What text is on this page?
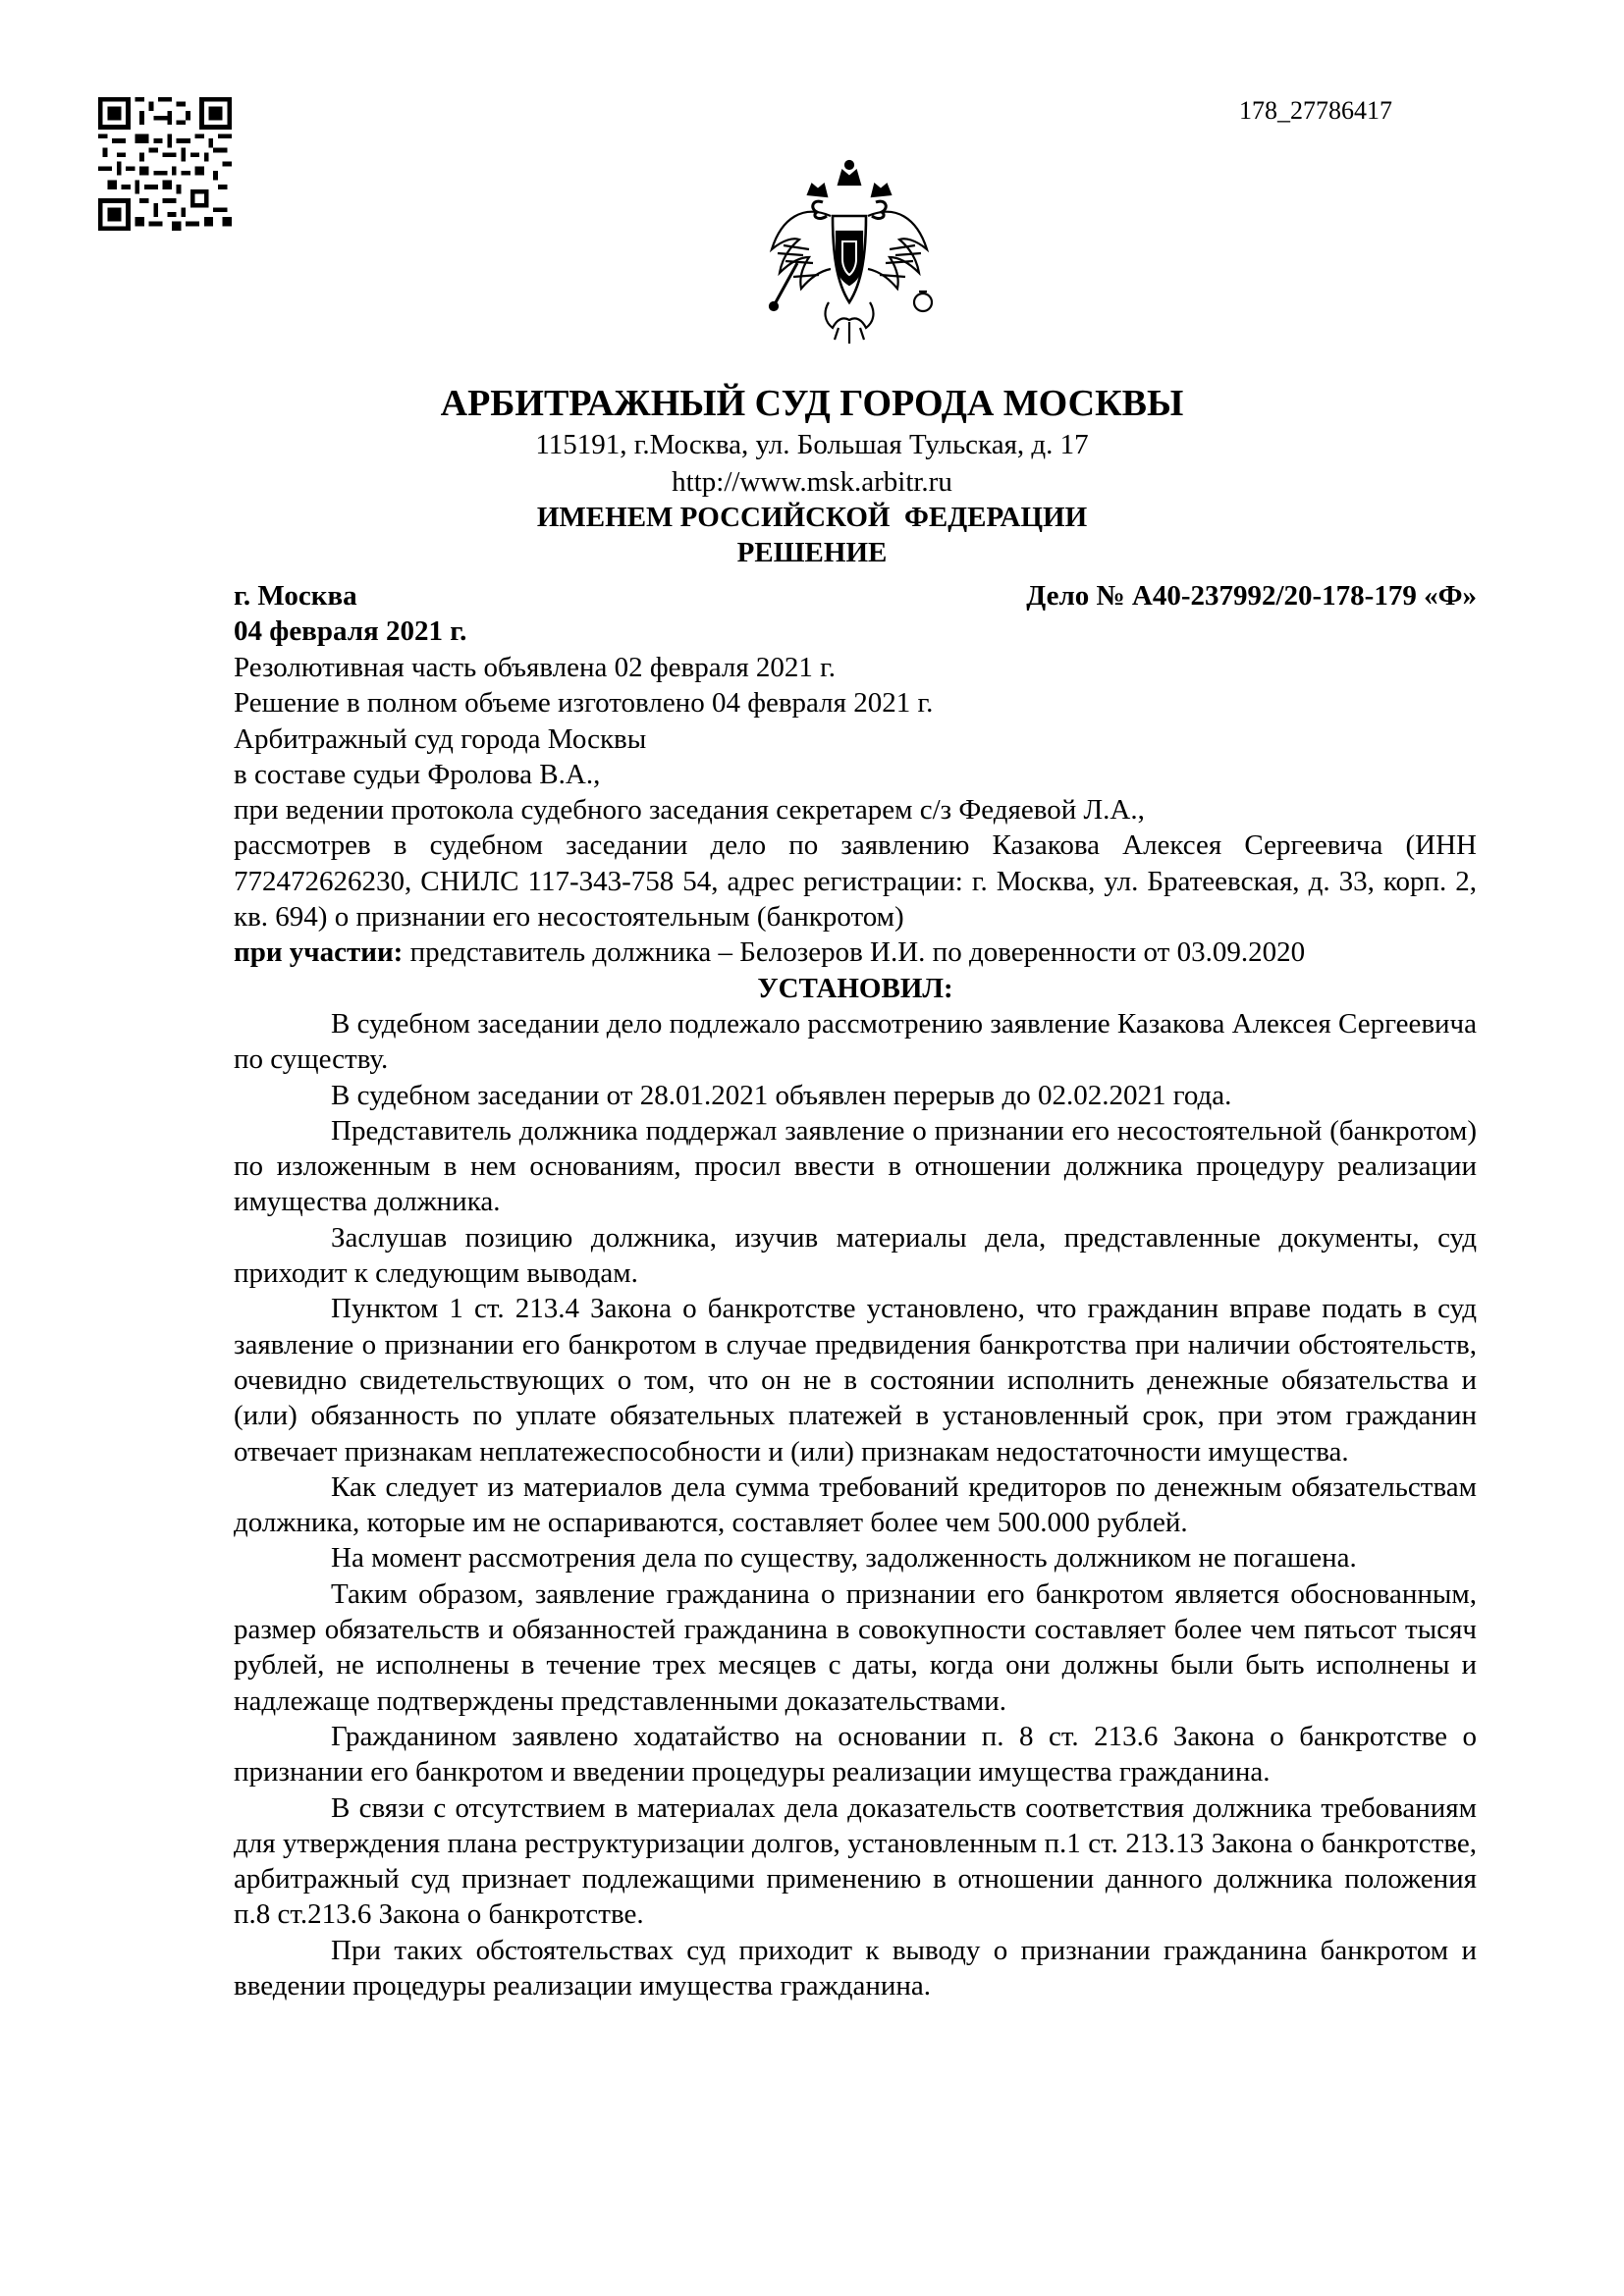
178_27786417
АРБИТРАЖНЫЙ СУД ГОРОДА МОСКВЫ
115191, г.Москва, ул. Большая Тульская, д. 17
http://www.msk.arbitr.ru
ИМЕНЕМ РОССИЙСКОЙ  ФЕДЕРАЦИИ
РЕШЕНИЕ
г. Москва	Дело № А40-237992/20-178-179 «Ф»
04 февраля 2021 г.

Резолютивная часть объявлена 02 февраля 2021 г.

Решение в полном объеме изготовлено 04 февраля 2021 г.

Арбитражный суд города Москвы

в составе судьи Фролова В.А.,

при ведении протокола судебного заседания секретарем с/з Федяевой Л.А.,

рассмотрев в судебном заседании дело по заявлению Казакова Алексея Сергеевича (ИНН 772472626230, СНИЛС 117-343-758 54, адрес регистрации: г. Москва, ул. Братеевская, д. 33, корп. 2, кв. 694) о признании его несостоятельным (банкротом)

при участии: представитель должника – Белозеров И.И. по доверенности от 03.09.2020

УСТАНОВИЛ:

В судебном заседании дело подлежало рассмотрению заявление Казакова Алексея Сергеевича по существу.

В судебном заседании от 28.01.2021 объявлен перерыв до 02.02.2021 года.

Представитель должника поддержал заявление о признании его несостоятельной (банкротом) по изложенным в нем основаниям, просил ввести в отношении должника процедуру реализации имущества должника.

Заслушав позицию должника, изучив материалы дела, представленные документы, суд приходит к следующим выводам.

Пунктом 1 ст. 213.4 Закона о банкротстве установлено, что гражданин вправе подать в суд заявление о признании его банкротом в случае предвидения банкротства при наличии обстоятельств, очевидно свидетельствующих о том, что он не в состоянии исполнить денежные обязательства и (или) обязанность по уплате обязательных платежей в установленный срок, при этом гражданин отвечает признакам неплатежеспособности и (или) признакам недостаточности имущества.

Как следует из материалов дела сумма требований кредиторов по денежным обязательствам должника, которые им не оспариваются, составляет более чем 500.000 рублей.

На момент рассмотрения дела по существу, задолженность должником не погашена.

Таким образом, заявление гражданина о признании его банкротом является обоснованным, размер обязательств и обязанностей гражданина в совокупности составляет более чем пятьсот тысяч рублей, не исполнены в течение трех месяцев с даты, когда они должны были быть исполнены и надлежаще подтверждены представленными доказательствами.

Гражданином заявлено ходатайство на основании п. 8 ст. 213.6 Закона о банкротстве о признании его банкротом и введении процедуры реализации имущества гражданина.

В связи с отсутствием в материалах дела доказательств соответствия должника требованиям для утверждения плана реструктуризации долгов, установленным п.1 ст. 213.13 Закона о банкротстве, арбитражный суд признает подлежащими применению в отношении данного должника положения п.8 ст.213.6 Закона о банкротстве.

При таких обстоятельствах суд приходит к выводу о признании гражданина банкротом и введении процедуры реализации имущества гражданина.
